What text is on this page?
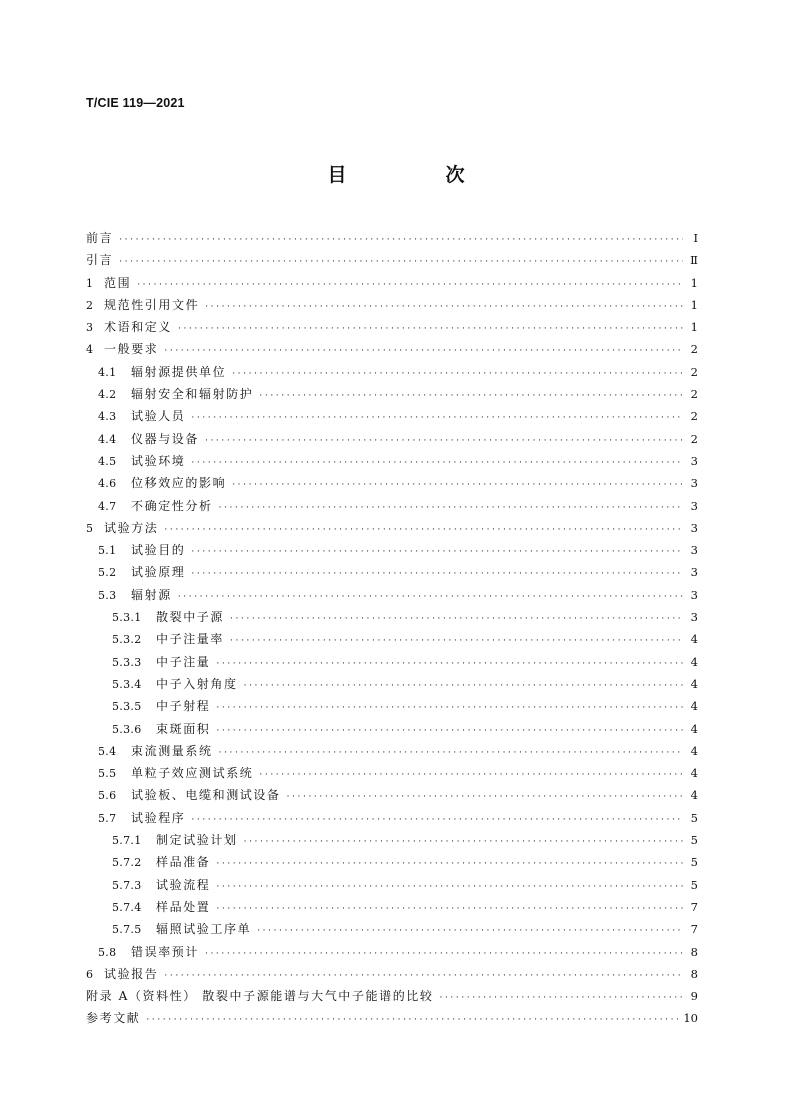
T/CIE 119—2021
目　次
前言 ·····	Ⅰ
引言 ·····	Ⅱ
1 范围 ·····	1
2 规范性引用文件 ·····	1
3 术语和定义 ·····	1
4 一般要求 ·····	2
4.1	辐射源提供单位 ·····	2
4.2	辐射安全和辐射防护 ·····	2
4.3	试验人员 ·····	2
4.4	仪器与设备 ·····	2
4.5	试验环境 ·····	3
4.6	位移效应的影响 ·····	3
4.7	不确定性分析 ·····	3
5 试验方法 ·····	3
5.1	试验目的 ·····	3
5.2	试验原理 ·····	3
5.3	辐射源 ·····	3
5.3.1	散裂中子源 ·····	3
5.3.2	中子注量率 ·····	4
5.3.3	中子注量 ·····	4
5.3.4	中子入射角度 ·····	4
5.3.5	中子射程 ·····	4
5.3.6	束斑面积 ·····	4
5.4	束流测量系统 ·····	4
5.5	单粒子效应测试系统 ·····	4
5.6	试验板、电缆和测试设备 ·····	4
5.7	试验程序 ·····	5
5.7.1	制定试验计划 ·····	5
5.7.2	样品准备 ·····	5
5.7.3	试验流程 ·····	5
5.7.4	样品处置 ·····	7
5.7.5	辐照试验工序单 ·····	7
5.8	错误率预计 ·····	8
6 试验报告 ·····	8
附录 A（资料性） 散裂中子源能谱与大气中子能谱的比较 ·····	9
参考文献 ·····	10
